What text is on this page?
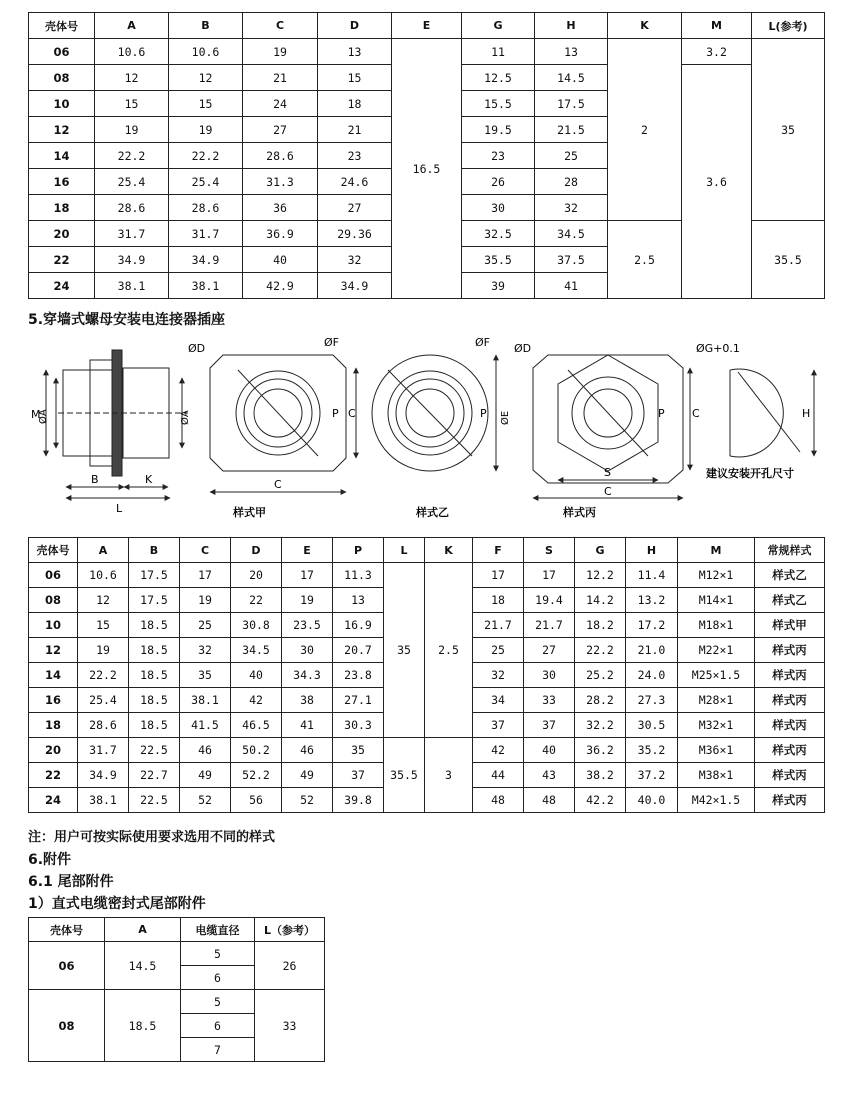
壳体号	A	B	C	D	E	G	H	K	M	L(参考)
06	10.6	10.6	19	13	16.5	11	13	2	3.2	35
08	12	12	21	15		12.5	14.5		3.6	
10	15	15	24	18		15.5	17.5			
12	19	19	27	21		19.5	21.5			
14	22.2	22.2	28.6	23		23	25			
16	25.4	25.4	31.3	24.6		26	28			
18	28.6	28.6	36	27		30	32			
20	31.7	31.7	36.9	29.36		32.5	34.5	2.5		35.5
22	34.9	34.9	40	32		35.5	37.5			
24	38.1	38.1	42.9	34.9		39	41			
5.穿墙式螺母安装电连接器插座
M
ØA	ØA
B
L
K
ØD	ØF
P C
C
ØF
P ØE
ØD
P C
S
C
ØG+0.1
H
建议安装开孔尺寸
样式甲	样式乙	样式丙
壳体号	A	B	C	D	E	P	L	K	F	S	G	H	M	常规样式
06	10.6	17.5	17	20	17	11.3	35	2.5	17	17	12.2	11.4	M12×1	样式乙
08	12	17.5	19	22	19	13			18	19.4	14.2	13.2	M14×1	样式乙
10	15	18.5	25	30.8	23.5	16.9			21.7	21.7	18.2	17.2	M18×1	样式甲
12	19	18.5	32	34.5	30	20.7			25	27	22.2	21.0	M22×1	样式丙
14	22.2	18.5	35	40	34.3	23.8			32	30	25.2	24.0	M25×1.5	样式丙
16	25.4	18.5	38.1	42	38	27.1			34	33	28.2	27.3	M28×1	样式丙
18	28.6	18.5	41.5	46.5	41	30.3			37	37	32.2	30.5	M32×1	样式丙
20	31.7	22.5	46	50.2	46	35	35.5	3	42	40	36.2	35.2	M36×1	样式丙
22	34.9	22.7	49	52.2	49	37			44	43	38.2	37.2	M38×1	样式丙
24	38.1	22.5	52	56	52	39.8			48	48	42.2	40.0	M42×1.5	样式丙
注：用户可按实际使用要求选用不同的样式
6.附件
6.1 尾部附件
1）直式电缆密封式尾部附件
壳体号	A	电缆直径	L（参考）
06	14.5	5	26
		6	
08	18.5	5	33
		6	
		7	
